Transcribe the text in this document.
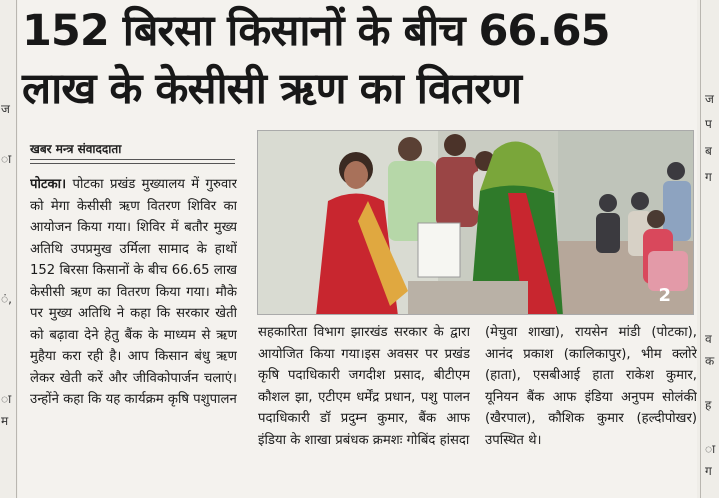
ज
ा
ं,
ा
म
ज
प
ब
ग
व
क
ह
ा
ग
152 बिरसा किसानों के बीच 66.65
लाख के केसीसी ऋण का वितरण
खबर मन्त्र संवाददाता
पोटका। पोटका प्रखंड मुख्यालय में गुरुवार को मेगा केसीसी ऋण वितरण शिविर का आयोजन किया गया। शिविर में बतौर मुख्य अतिथि उपप्रमुख उर्मिला सामाद के हाथों 152 बिरसा किसानों के बीच 66.65 लाख केसीसी ऋण का वितरण किया गया। मौके पर मुख्य अतिथि ने कहा कि सरकार खेती को बढ़ावा देने हेतु बैंक के माध्यम से ऋण मुहैया करा रही है। आप किसान बंधु ऋण लेकर खेती करें और जीविकोपार्जन चलाएं। उन्होंने कहा कि यह कार्यक्रम कृषि पशुपालन
2
सहकारिता विभाग झारखंड सरकार के द्वारा आयोजित किया गया।इस अवसर पर प्रखंड कृषि पदाधिकारी जगदीश प्रसाद, बीटीएम कौशल झा, एटीएम धर्मेंद्र प्रधान, पशु पालन पदाधिकारी डॉ प्रदुम्न कुमार, बैंक आफ इंडिया के शाखा प्रबंधक क्रमशः गोबिंद हांसदा
(मेचुवा शाखा), रायसेन मांडी (पोटका), आनंद प्रकाश (कालिकापुर), भीम क्लोरे (हाता), एसबीआई हाता राकेश कुमार, यूनियन बैंक आफ इंडिया अनुपम सोलंकी (खैरपाल), कौशिक कुमार (हल्दीपोखर) उपस्थित थे।
